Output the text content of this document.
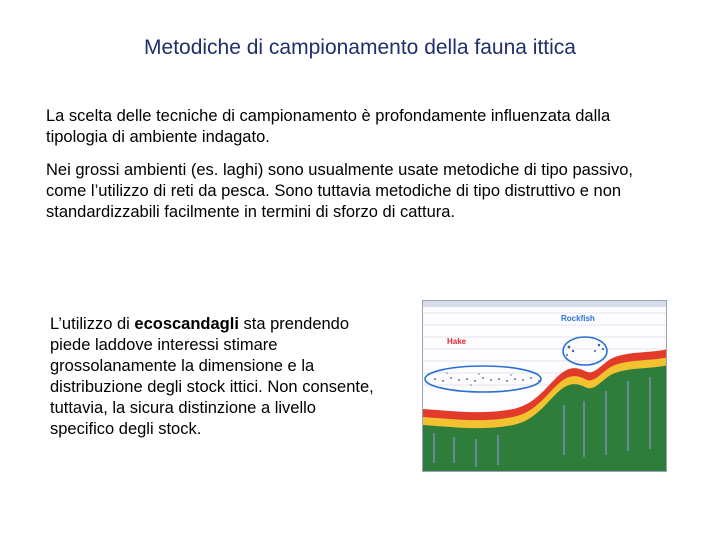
Metodiche di campionamento della fauna ittica

La scelta delle tecniche di campionamento è profondamente influenzata dalla tipologia di ambiente indagato.

Nei grossi ambienti (es. laghi) sono usualmente usate metodiche di tipo passivo, come l’utilizzo di reti da pesca. Sono tuttavia metodiche di tipo distruttivo e non standardizzabili facilmente in termini di sforzo di cattura.

L’utilizzo di ecoscandagli sta prendendo piede laddove interessi stimare grossolanamente la dimensione e la distribuzione degli stock ittici. Non consente, tuttavia, la sicura distinzione a livello specifico degli stock.

Hake
Rockfish
